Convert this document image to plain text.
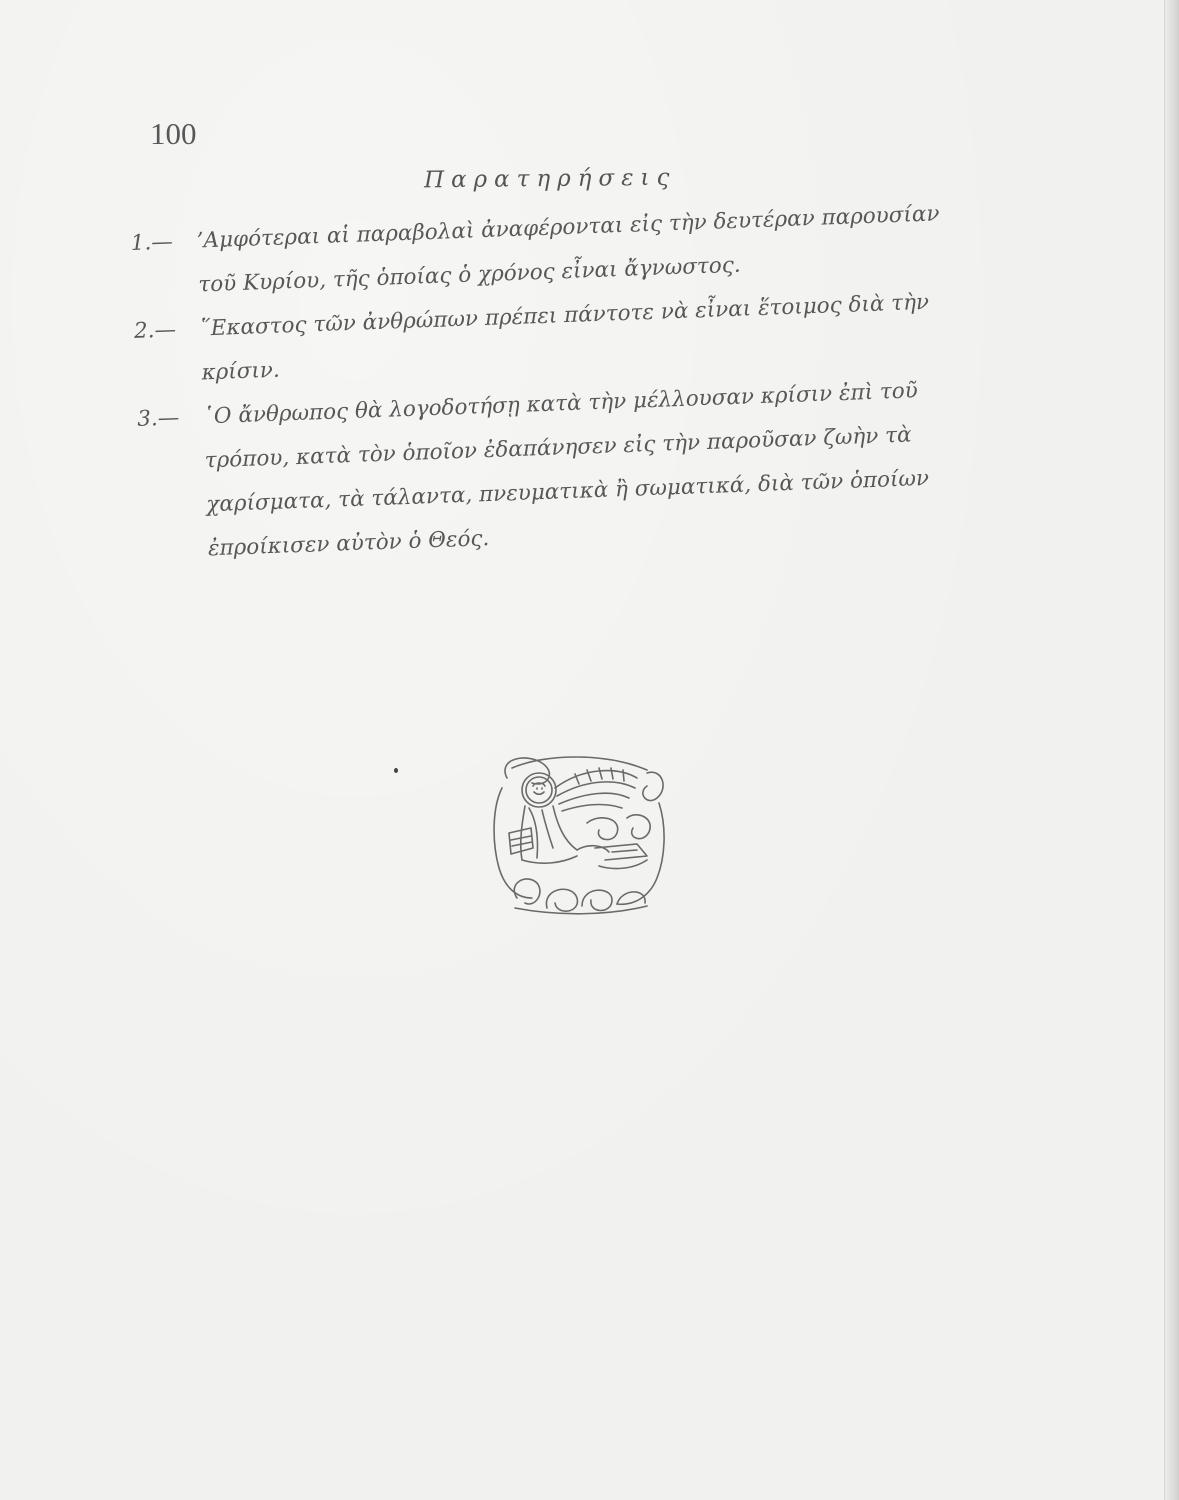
100
Παρατηρήσεις
1.— ’Αμφότεραι αἱ παραβολαὶ ἀναφέρονται εἰς τὴν δευτέραν παρουσίαν
τοῦ Κυρίου, τῆς ὁποίας ὁ χρόνος εἶναι ἄγνωστος.
2.— ῞Εκαστος τῶν ἀνθρώπων πρέπει πάντοτε νὰ εἶναι ἕτοιμος διὰ τὴν
κρίσιν.
3.— ῾Ο ἄνθρωπος θὰ λογοδοτήσῃ κατὰ τὴν μέλλουσαν κρίσιν ἐπὶ τοῦ
τρόπου, κατὰ τὸν ὁποῖον ἐδαπάνησεν εἰς τὴν παροῦσαν ζωὴν τὰ
χαρίσματα, τὰ τάλαντα, πνευματικὰ ἢ σωματικά, διὰ τῶν ὁποίων
ἐπροίκισεν αὐτὸν ὁ Θεός.
